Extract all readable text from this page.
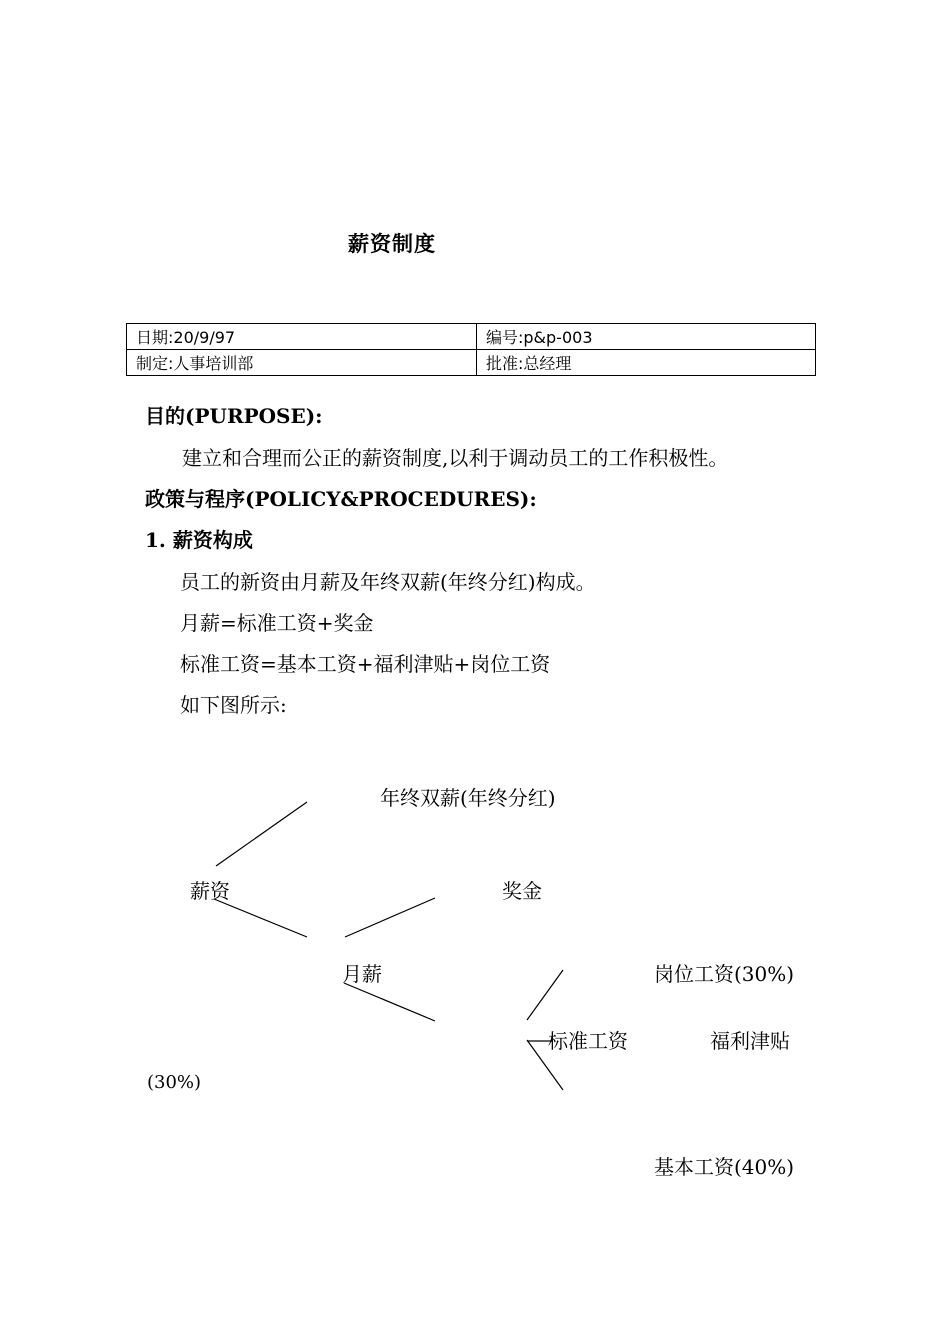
薪资制度
日期:20/9/97	编号:p&p-003
制定:人事培训部	批准:总经理
目的(PURPOSE):
建立和合理而公正的薪资制度,以利于调动员工的工作积极性。
政策与程序(POLICY&PROCEDURES):
1. 薪资构成
员工的新资由月薪及年终双薪(年终分红)构成。
月薪=标准工资+奖金
标准工资=基本工资+福利津贴+岗位工资
如下图所示:
年终双薪(年终分红)
薪资	奖金
月薪	岗位工资(30%)
标准工资	福利津贴
(30%)
基本工资(40%)
